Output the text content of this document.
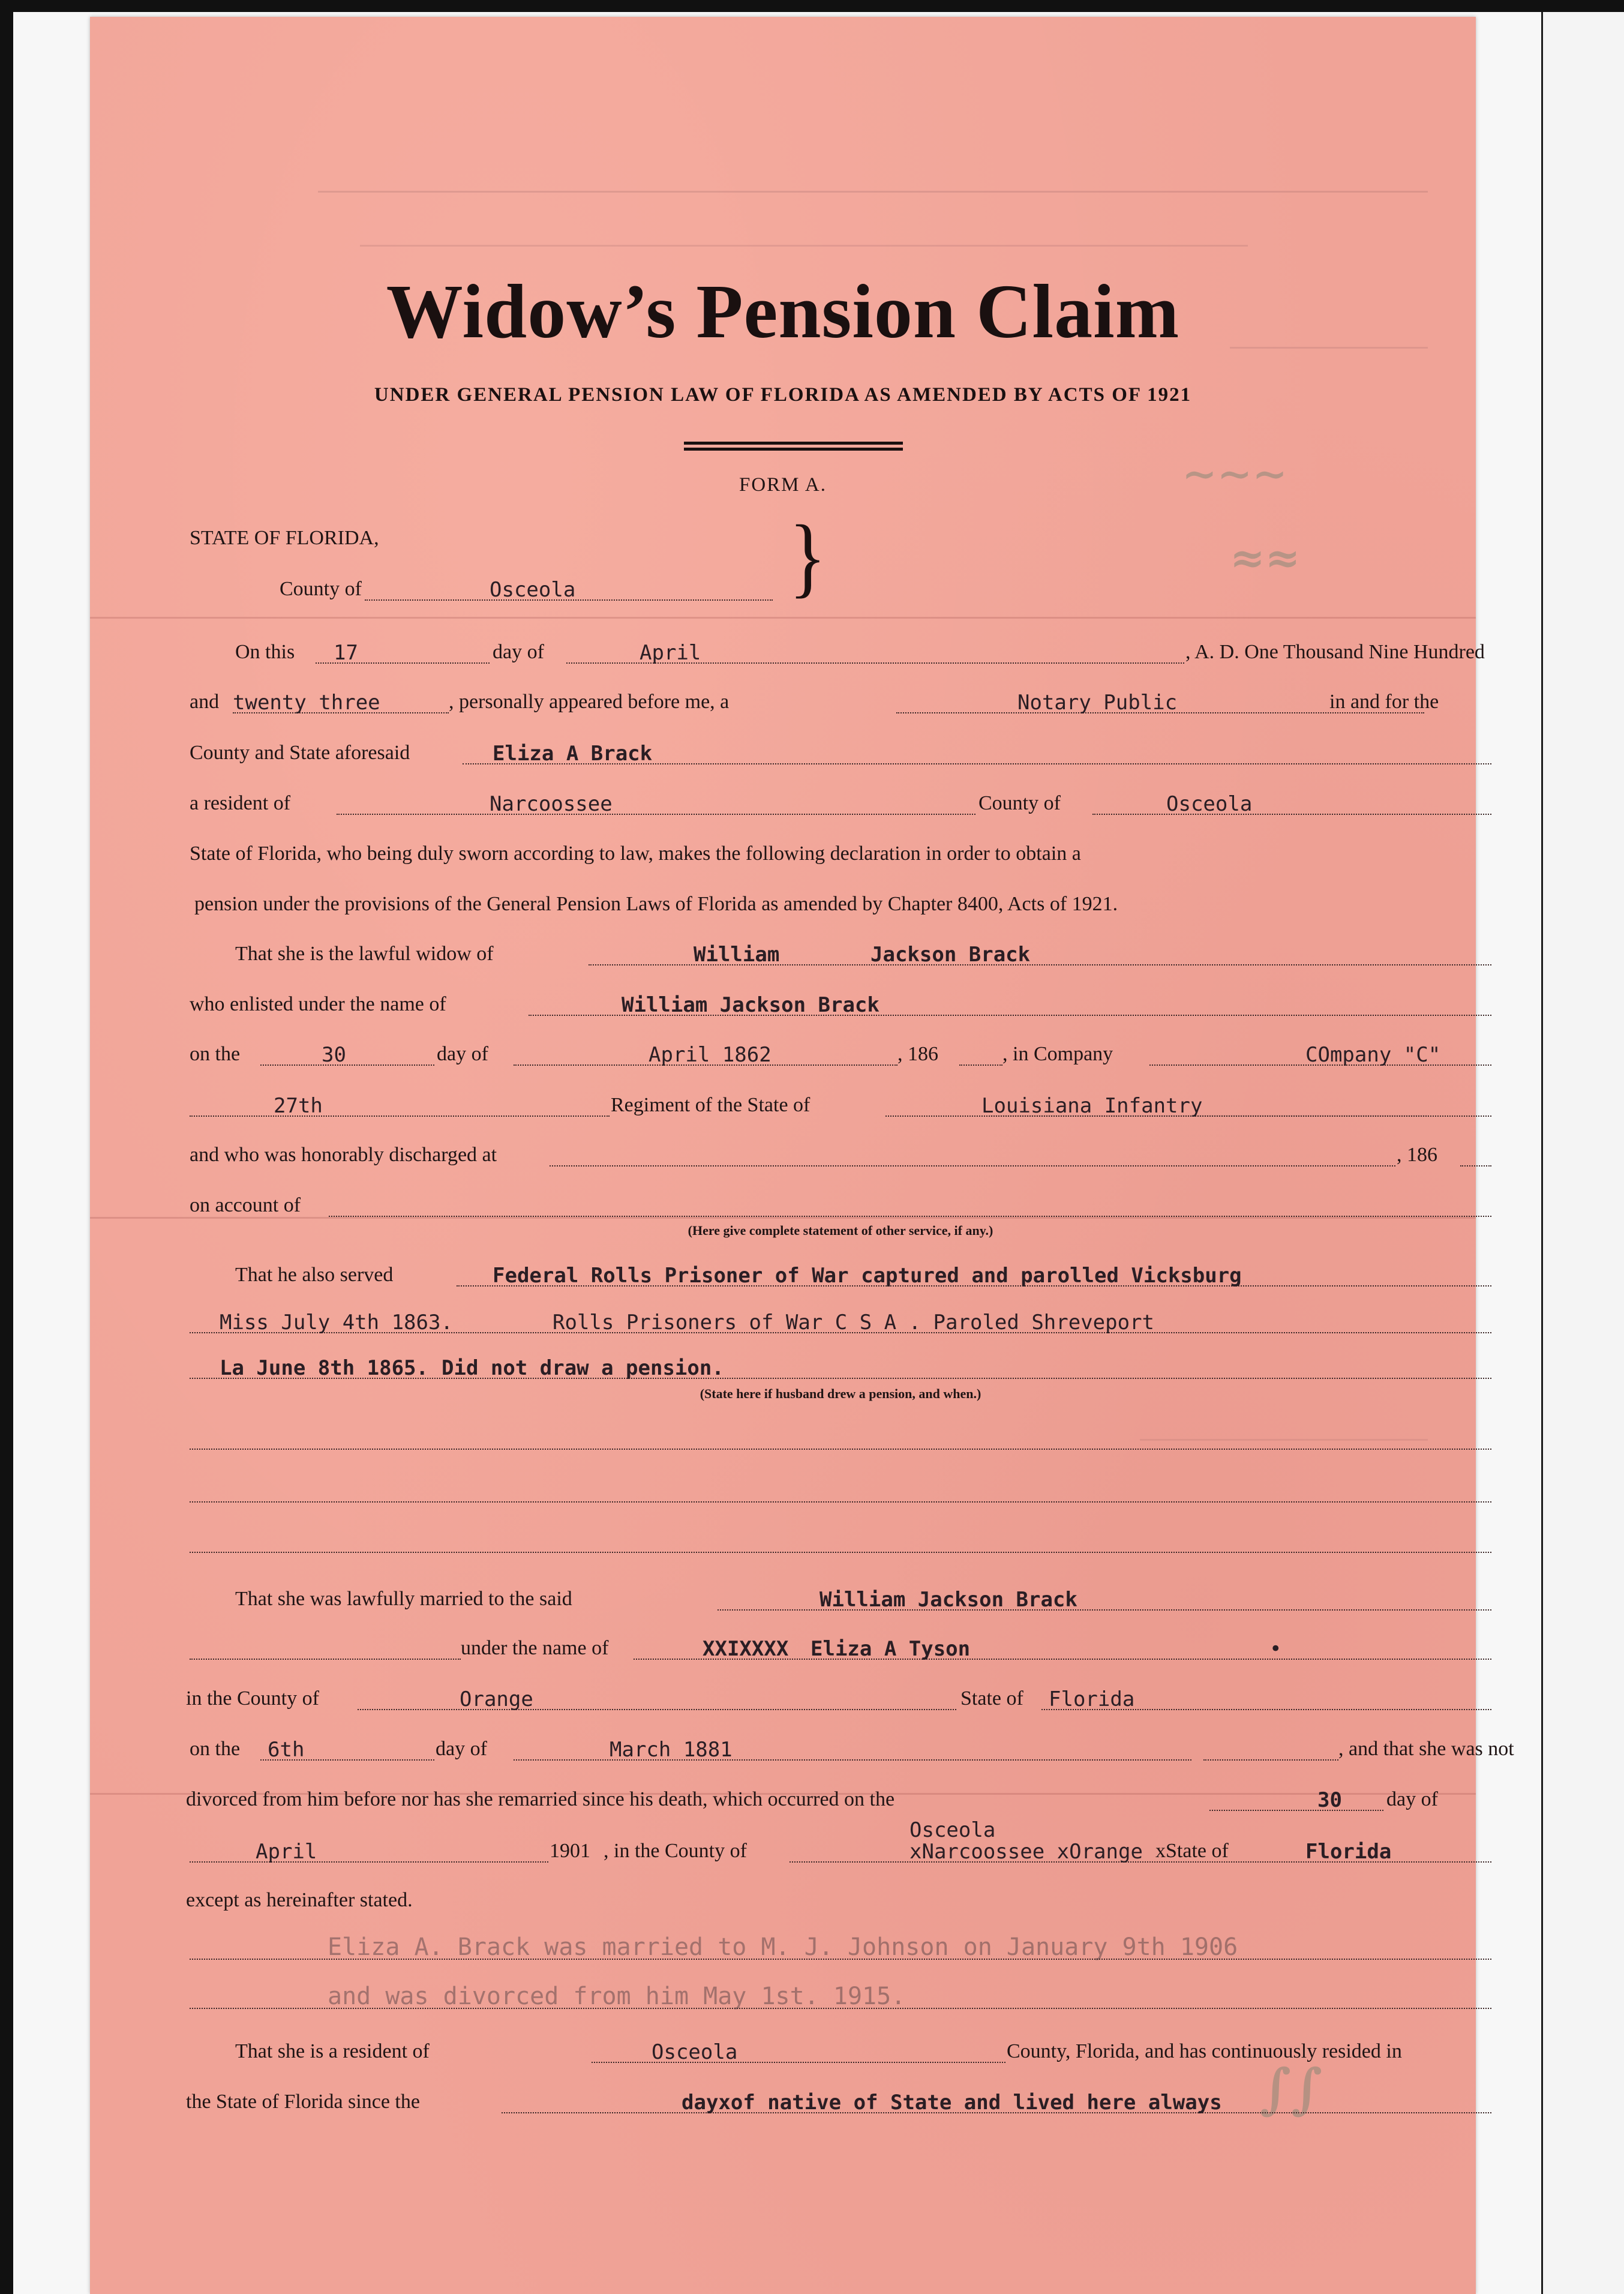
∼∼∼
≈≈
∫∫
Widow’s Pension Claim
UNDER GENERAL PENSION LAW OF FLORIDA AS AMENDED BY ACTS OF 1921
FORM A.
STATE OF FLORIDA,
County of	Osceola	}
On this 17	day of	April	, A. D. One Thousand Nine Hundred
and twenty three	, personally appeared before me, a	Notary Public	in and for the
County and State aforesaid	Eliza A Brack
a resident of	Narcoossee	County of	Osceola
State of Florida, who being duly sworn according to law, makes the following declaration in order to obtain a
pension under the provisions of the General Pension Laws of Florida as amended by Chapter 8400, Acts of 1921.
That she is the lawful widow of	William	Jackson Brack
who enlisted under the name of	William Jackson Brack
on the	30	day of	April 1862	, 186	, in Company	COmpany "C"
27th	Regiment of the State of	Louisiana Infantry
and who was honorably discharged at	, 186
on account of
(Here give complete statement of other service, if any.)
That he also served	Federal Rolls Prisoner of War captured and parolled Vicksburg
Miss July 4th 1863.	Rolls Prisoners of War C S A . Paroled Shreveport
La June 8th 1865. Did not draw a pension.
(State here if husband drew a pension, and when.)
That she was lawfully married to the said	William Jackson Brack
under the name of	XXIXXXX Eliza A Tyson	•
in the County of	Orange	State of Florida
on the 6th	day of	March 1881	, and that she was not
divorced from him before nor has she remarried since his death, which occurred on the	30 day of
April	1901 , in the County of
Osceola
xNarcoossee xOrange xState of	Florida
except as hereinafter stated.
Eliza A. Brack was married to M. J. Johnson on January 9th 1906
and was divorced from him May 1st. 1915.
That she is a resident of	Osceola	County, Florida, and has continuously resided in
the State of Florida since the	dayxof native of State and lived here always
